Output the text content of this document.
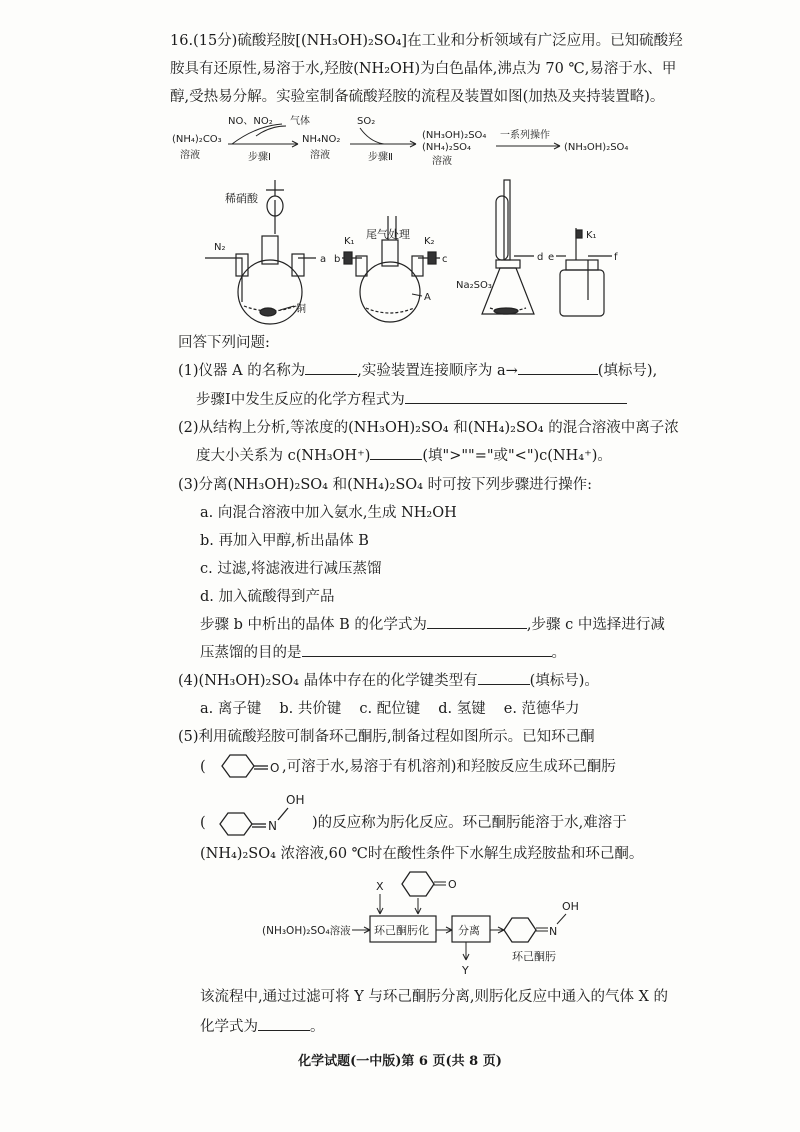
16.(15分)硫酸羟胺[(NH₃OH)₂SO₄]在工业和分析领域有广泛应用。已知硫酸羟
胺具有还原性,易溶于水,羟胺(NH₂OH)为白色晶体,沸点为 70 ℃,易溶于水、甲
醇,受热易分解。实验室制备硫酸羟胺的流程及装置如图(加热及夹持装置略)。
(NH₄)₂CO₃
溶液
NO、NO₂ 气体
步骤Ⅰ
NH₄NO₂
溶液
SO₂
步骤Ⅱ
(NH₃OH)₂SO₄
(NH₄)₂SO₄
溶液
一系列操作
(NH₃OH)₂SO₄
稀硝酸
N₂
a
铜
K₁
尾气处理
K₂
b	c
A
d
Na₂SO₃
K₁
e	f
回答下列问题:
(1)仪器 A 的名称为	,实验装置连接顺序为 a→	(填标号),
步骤Ⅰ中发生反应的化学方程式为
(2)从结构上分析,等浓度的(NH₃OH)₂SO₄ 和(NH₄)₂SO₄ 的混合溶液中离子浓
度大小关系为 c(NH₃OH⁺)	(填">""="或"<")c(NH₄⁺)。
(3)分离(NH₃OH)₂SO₄ 和(NH₄)₂SO₄ 时可按下列步骤进行操作:
a. 向混合溶液中加入氨水,生成 NH₂OH
b. 再加入甲醇,析出晶体 B
c. 过滤,将滤液进行减压蒸馏
d. 加入硫酸得到产品
步骤 b 中析出的晶体 B 的化学式为	,步骤 c 中选择进行减
压蒸馏的目的是	。
(4)(NH₃OH)₂SO₄ 晶体中存在的化学键类型有	(填标号)。
a. 离子键 b. 共价键 c. 配位键 d. 氢键 e. 范德华力
(5)利用硫酸羟胺可制备环己酮肟,制备过程如图所示。已知环己酮
(	O ,可溶于水,易溶于有机溶剂)和羟胺反应生成环己酮肟
(	N
OH
)的反应称为肟化反应。环己酮肟能溶于水,难溶于
(NH₄)₂SO₄ 浓溶液,60 ℃时在酸性条件下水解生成羟胺盐和环己酮。
X	O
(NH₃OH)₂SO₄溶液 环己酮肟化	分离
Y
N
OH
环己酮肟
该流程中,通过过滤可将 Y 与环己酮肟分离,则肟化反应中通入的气体 X 的
化学式为	。
化学试题(一中版)第 6 页(共 8 页)
